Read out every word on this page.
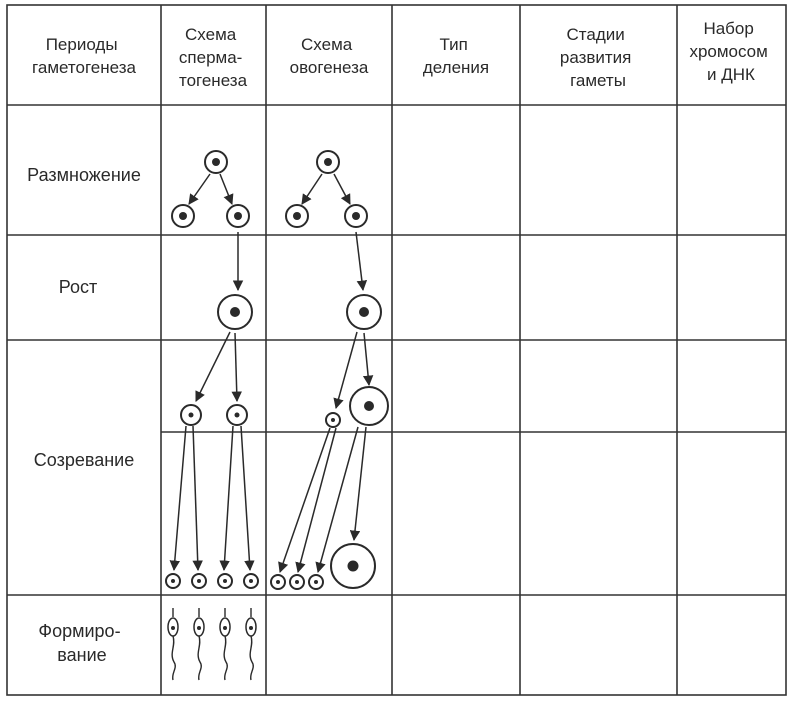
Периоды гаметогенеза
Схема сперма- тогенеза
Схема овогенеза
Тип деления
Стадии развития гаметы
Набор хромосом и ДНК
Размножение
Рост
Созревание
Формиро- вание
